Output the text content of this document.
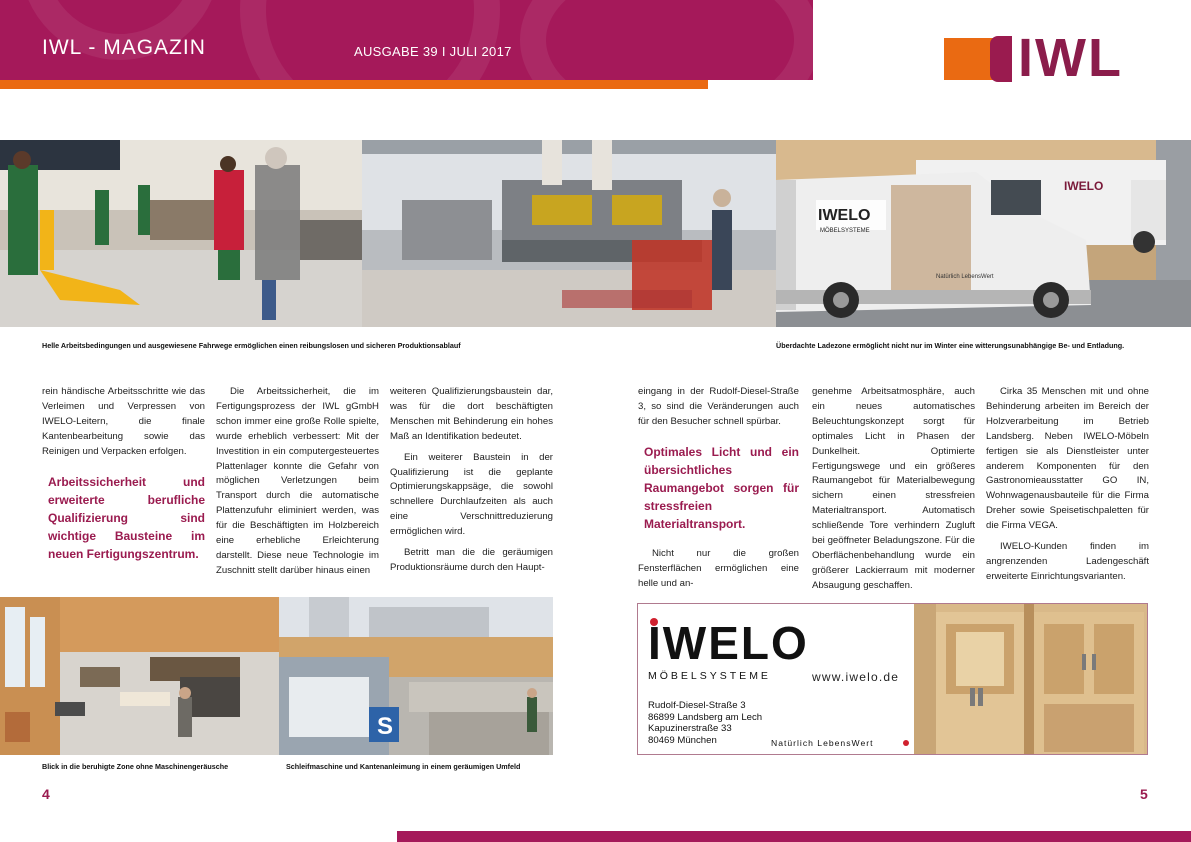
IWL - MAGAZIN	AUSGABE 39 I JULI 2017	IWL
IWELO
MÖBELSYSTEME
Natürlich LebensWert
IWELO
Helle Arbeitsbedingungen und ausgewiesene Fahrwege ermöglichen einen reibungslosen und sicheren Produktionsablauf	Überdachte Ladezone ermöglicht nicht nur im Winter eine witterungsunabhängige Be- und Entladung.

rein händische Arbeitsschritte wie das Verleimen und Verpressen von IWELO-Leitern, die finale Kantenbearbeitung sowie das Reinigen und Verpacken erfolgen.

Arbeitssicherheit und erweiterte berufliche Qualifizierung sind wichtige Bausteine im neuen Fertigungszentrum.

Die Arbeitssicherheit, die im Fertigungsprozess der IWL gGmbH schon immer eine große Rolle spielte, wurde erheblich verbessert: Mit der Investition in ein computergesteuertes Plattenlager konnte die Gefahr von möglichen Verletzungen beim Transport durch die automatische Plattenzufuhr eliminiert werden, was für die Beschäftigten im Holzbereich eine erhebliche Erleichterung darstellt. Diese neue Technologie im Zuschnitt stellt darüber hinaus einen

weiteren Qualifizierungsbaustein dar, was für die dort beschäftigten Menschen mit Behinderung ein hohes Maß an Identifikation bedeutet.

Ein weiterer Baustein in der Qualifizierung ist die geplante Optimierungskappsäge, die sowohl schnellere Durchlaufzeiten als auch eine Verschnittreduzierung ermöglichen wird.

Betritt man die die geräumigen Produktionsräume durch den Haupt-

eingang in der Rudolf-Diesel-Straße 3, so sind die Veränderungen auch für den Besucher schnell spürbar.

Optimales Licht und ein übersichtliches Raumangebot sorgen für stressfreien Materialtransport.

Nicht nur die großen Fensterflächen ermöglichen eine helle und an-

genehme Arbeitsatmosphäre, auch ein neues automatisches Beleuchtungskonzept sorgt für optimales Licht in Phasen der Dunkelheit. Optimierte Fertigungswege und ein größeres Raumangebot für Materialbewegung sichern einen stressfreien Materialtransport. Automatisch schließende Tore verhindern Zugluft bei geöffneter Beladungszone. Für die Oberflächenbehandlung wurde ein größerer Lackierraum mit moderner Absaugung geschaffen.

Cirka 35 Menschen mit und ohne Behinderung arbeiten im Bereich der Holzverarbeitung im Betrieb Landsberg. Neben IWELO-Möbeln fertigen sie als Dienstleister unter anderem Komponenten für den Gastronomieausstatter GO IN, Wohnwagenausbauteile für die Firma Dreher sowie Speisetischpaletten für die Firma VEGA.

IWELO-Kunden finden im angrenzenden Ladengeschäft erweiterte Einrichtungsvarianten.

S
Blick in die beruhigte Zone ohne Maschinengeräusche	Schleifmaschine und Kantenanleimung in einem geräumigen Umfeld
IWELO
MÖBELSYSTEME	www.iwelo.de
Rudolf-Diesel-Straße 3
86899 Landsberg am Lech
Kapuzinerstraße 33
80469 München	Natürlich LebensWert
4	5
